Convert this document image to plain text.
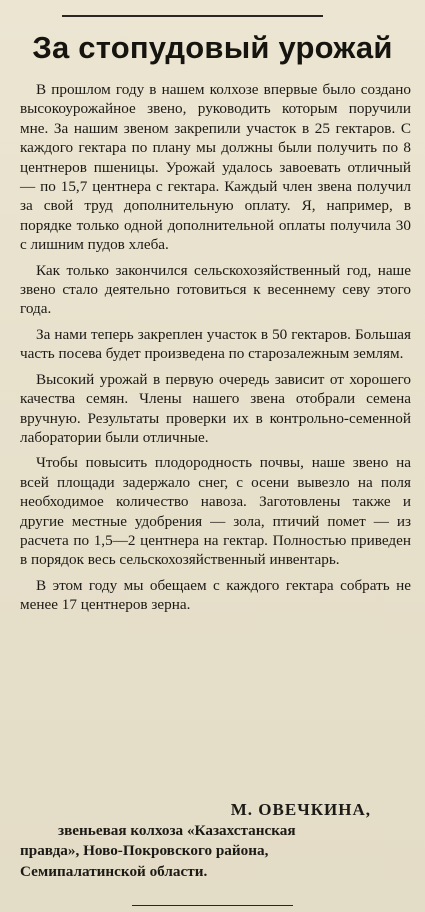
За стопудовый урожай

В прошлом году в нашем колхозе впервые было создано высокоурожайное звено, руководить которым поручили мне. За нашим звеном закрепили участок в 25 гектаров. С каждого гектара по плану мы должны были получить по 8 центнеров пшеницы. Урожай удалось завоевать отличный — по 15,7 центнера с гектара. Каждый член звена получил за свой труд дополнительную оплату. Я, например, в порядке только одной дополнительной оплаты получила 30 с лишним пудов хлеба.

Как только закончился сельскохозяйственный год, наше звено стало деятельно готовиться к весеннему севу этого года.

За нами теперь закреплен участок в 50 гектаров. Большая часть посева будет произведена по старозалежным землям.

Высокий урожай в первую очередь зависит от хорошего качества семян. Члены нашего звена отобрали семена вручную. Результаты проверки их в контрольно-семенной лаборатории были отличные.

Чтобы повысить плодородность почвы, наше звено на всей площади задержало снег, с осени вывезло на поля необходимое количество навоза. Заготовлены также и другие местные удобрения — зола, птичий помет — из расчета по 1,5—2 центнера на гектар. Полностью приведен в порядок весь сельскохозяйственный инвентарь.

В этом году мы обещаем с каждого гектара собрать не менее 17 центнеров зерна.

М. ОВЕЧКИНА,
звеньевая колхоза «Казахстанская
правда», Ново-Покровского района,
Семипалатинской области.
